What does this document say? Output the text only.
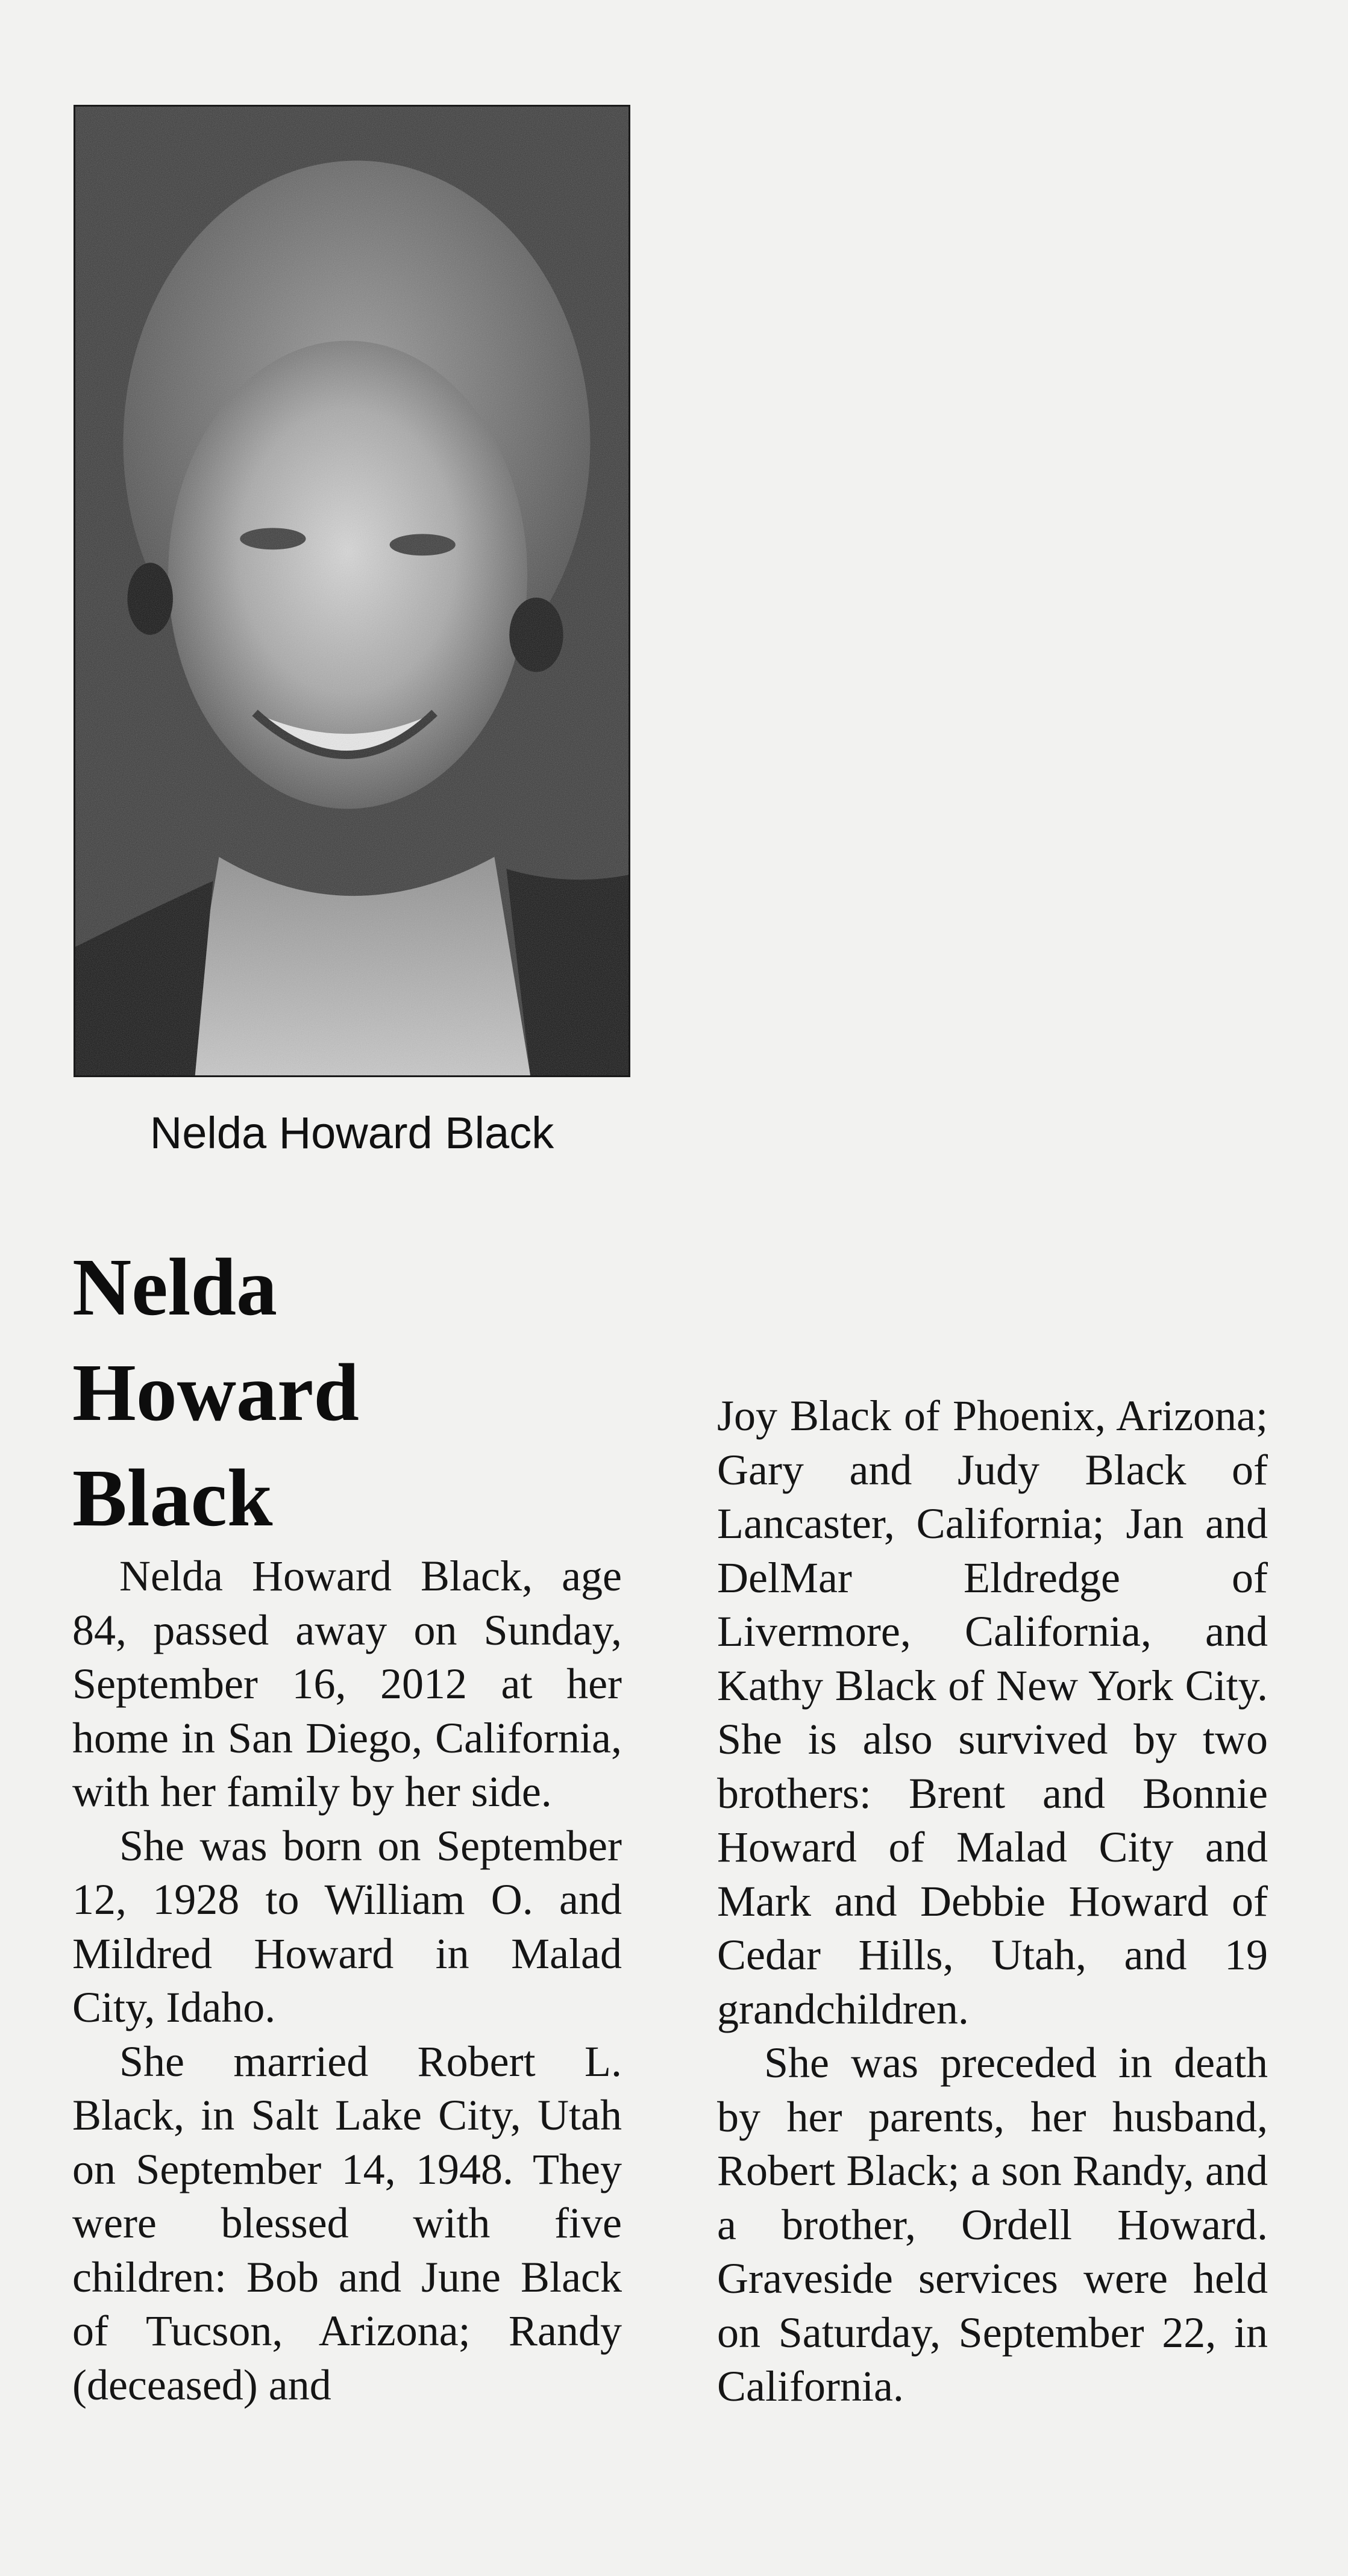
Nelda Howard Black
Nelda
Howard
Black

Nelda Howard Black, age 84, passed away on Sunday, September 16, 2012 at her home in San Diego, California, with her family by her side.

She was born on September 12, 1928 to William O. and Mildred Howard in Malad City, Idaho.

She married Robert L. Black, in Salt Lake City, Utah on September 14, 1948. They were blessed with five children: Bob and June Black of Tucson, Arizona; Randy (deceased) and

Joy Black of Phoenix, Arizona; Gary and Judy Black of Lancaster, California; Jan and DelMar Eldredge of Livermore, California, and Kathy Black of New York City. She is also survived by two brothers: Brent and Bonnie Howard of Malad City and Mark and Debbie Howard of Cedar Hills, Utah, and 19 grandchildren.

She was preceded in death by her parents, her husband, Robert Black; a son Randy, and a brother, Ordell Howard. Graveside services were held on Saturday, September 22, in California.
